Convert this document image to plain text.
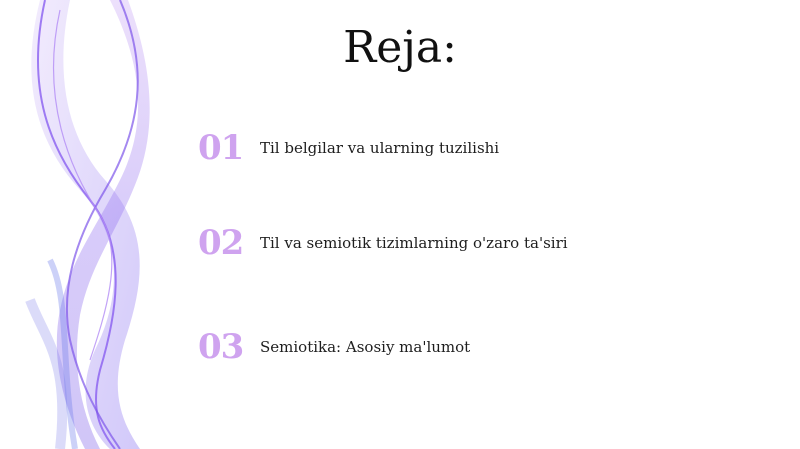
Reja:
01 Til belgilar va ularning tuzilishi
02 Til va semiotik tizimlarning o'zaro ta'siri
03 Semiotika: Asosiy ma'lumot
